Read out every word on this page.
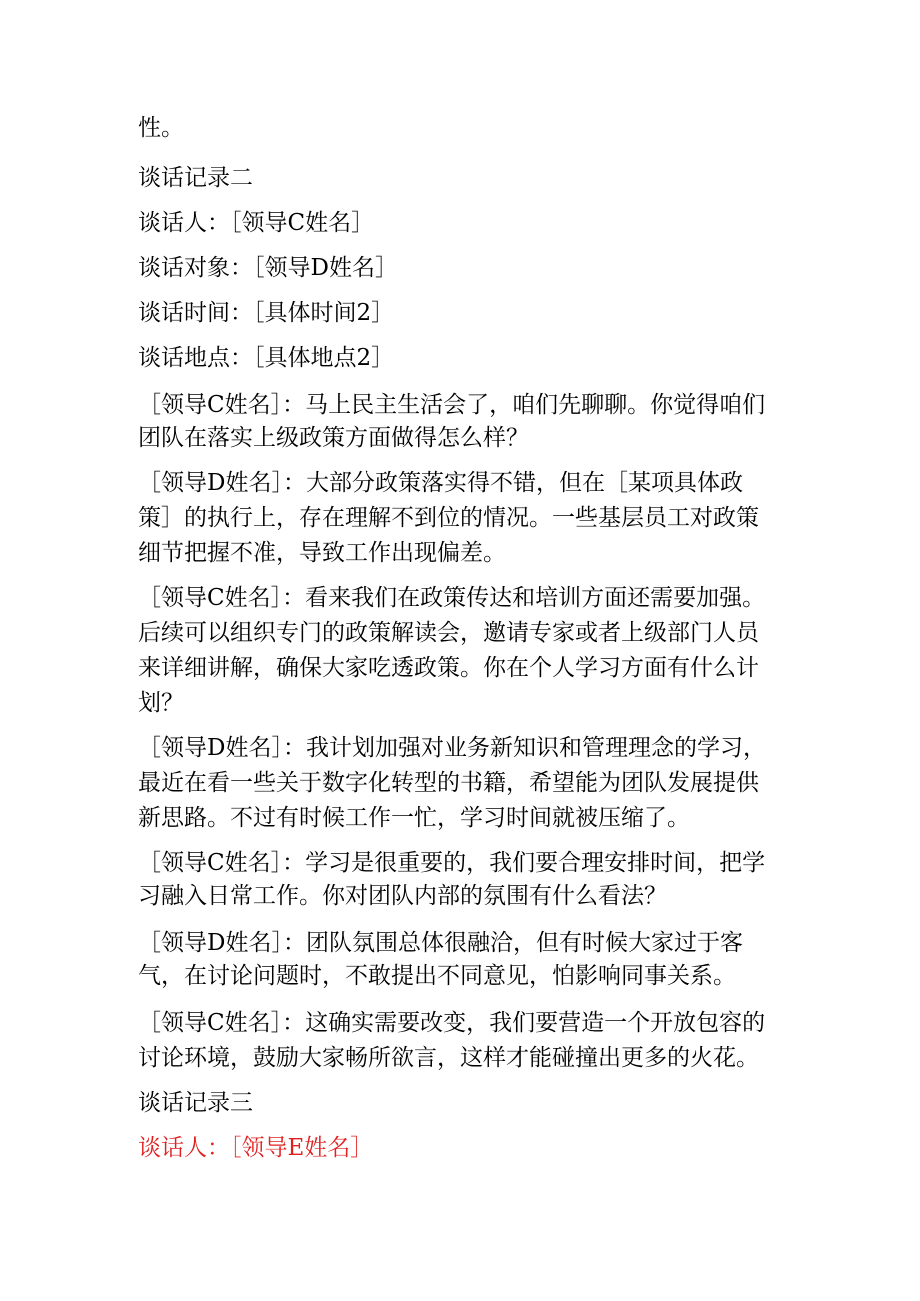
性。
谈话记录二
谈话人：［领导C姓名］
谈话对象：［领导D姓名］
谈话时间：［具体时间2］
谈话地点：［具体地点2］
［领导C姓名］：马上民主生活会了，咱们先聊聊。你觉得咱们
团队在落实上级政策方面做得怎么样？
［领导D姓名］：大部分政策落实得不错，但在［某项具体政
策］的执行上，存在理解不到位的情况。一些基层员工对政策
细节把握不准，导致工作出现偏差。
［领导C姓名］：看来我们在政策传达和培训方面还需要加强。
后续可以组织专门的政策解读会，邀请专家或者上级部门人员
来详细讲解，确保大家吃透政策。你在个人学习方面有什么计
划？
［领导D姓名］：我计划加强对业务新知识和管理理念的学习，
最近在看一些关于数字化转型的书籍，希望能为团队发展提供
新思路。不过有时候工作一忙，学习时间就被压缩了。
［领导C姓名］：学习是很重要的，我们要合理安排时间，把学
习融入日常工作。你对团队内部的氛围有什么看法？
［领导D姓名］：团队氛围总体很融洽，但有时候大家过于客
气，在讨论问题时，不敢提出不同意见，怕影响同事关系。
［领导C姓名］：这确实需要改变，我们要营造一个开放包容的
讨论环境，鼓励大家畅所欲言，这样才能碰撞出更多的火花。
谈话记录三
谈话人：［领导E姓名］
